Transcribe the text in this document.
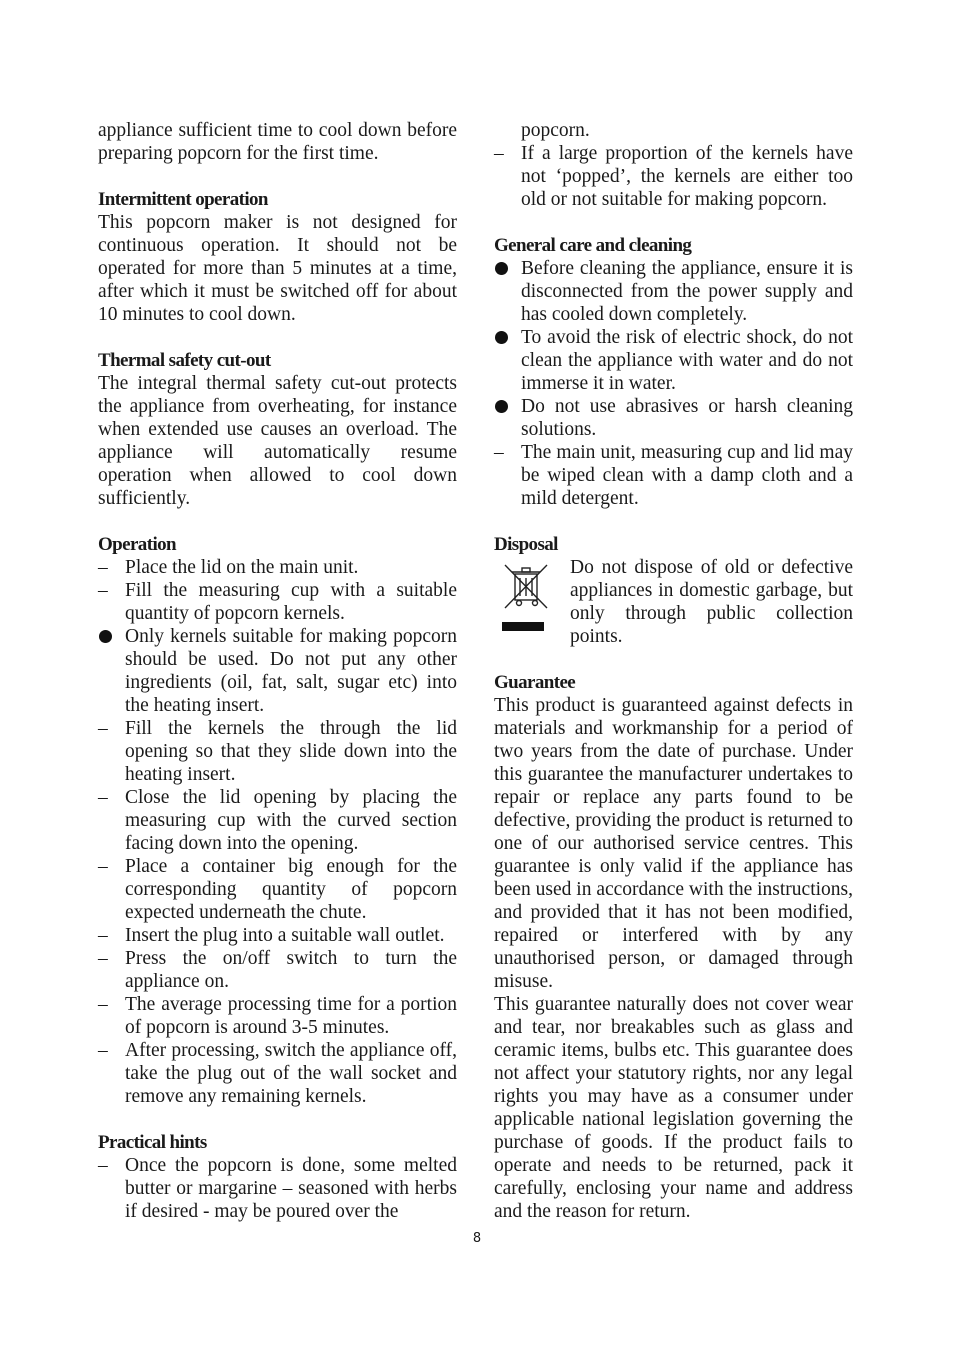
appliance sufficient time to cool down before preparing popcorn for the first time.

Intermittent operation

This popcorn maker is not designed for continuous operation. It should not be operated for more than 5 minutes at a time, after which it must be switched off for about 10 minutes to cool down.

Thermal safety cut-out

The integral thermal safety cut-out protects the appliance from overheating, for instance when extended use causes an overload. The appliance will automatically resume operation when allowed to cool down sufficiently.

Operation
– Place the lid on the main unit.

– Fill the measuring cup with a suitable quantity of popcorn kernels.

Only kernels suitable for making popcorn should be used. Do not put any other ingredients (oil, fat, salt, sugar etc) into the heating insert.

– Fill the kernels the through the lid opening so that they slide down into the heating insert.

– Close the lid opening by placing the measuring cup with the curved section facing down into the opening.

– Place a container big enough for the corresponding quantity of popcorn expected underneath the chute.

– Insert the plug into a suitable wall outlet.

– Press the on/off switch to turn the appliance on.

– The average processing time for a portion of popcorn is around 3-5 minutes.

– After processing, switch the appliance off, take the plug out of the wall socket and remove any remaining kernels.

Practical hints
– Once the popcorn is done, some melted butter or margarine – seasoned with herbs if desired - may be poured over the

popcorn.

– If a large proportion of the kernels have not ‘popped’, the kernels are either too old or not suitable for making popcorn.

General care and cleaning

Before cleaning the appliance, ensure it is disconnected from the power supply and has cooled down completely.

To avoid the risk of electric shock, do not clean the appliance with water and do not immerse it in water.

Do not use abrasives or harsh cleaning solutions.

– The main unit, measuring cup and lid may be wiped clean with a damp cloth and a mild detergent.

Disposal

Do not dispose of old or defective appliances in domestic garbage, but only through public collection points.

Guarantee

This product is guaranteed against defects in materials and workmanship for a period of two years from the date of purchase. Under this guarantee the manufacturer undertakes to repair or replace any parts found to be defective, providing the product is returned to one of our authorised service centres. This guarantee is only valid if the appliance has been used in accordance with the instructions, and provided that it has not been modified, repaired or interfered with by any unauthorised person, or damaged through misuse.

This guarantee naturally does not cover wear and tear, nor breakables such as glass and ceramic items, bulbs etc. This guarantee does not affect your statutory rights, nor any legal rights you may have as a consumer under applicable national legislation governing the purchase of goods. If the product fails to operate and needs to be returned, pack it carefully, enclosing your name and address and the reason for return.

8
